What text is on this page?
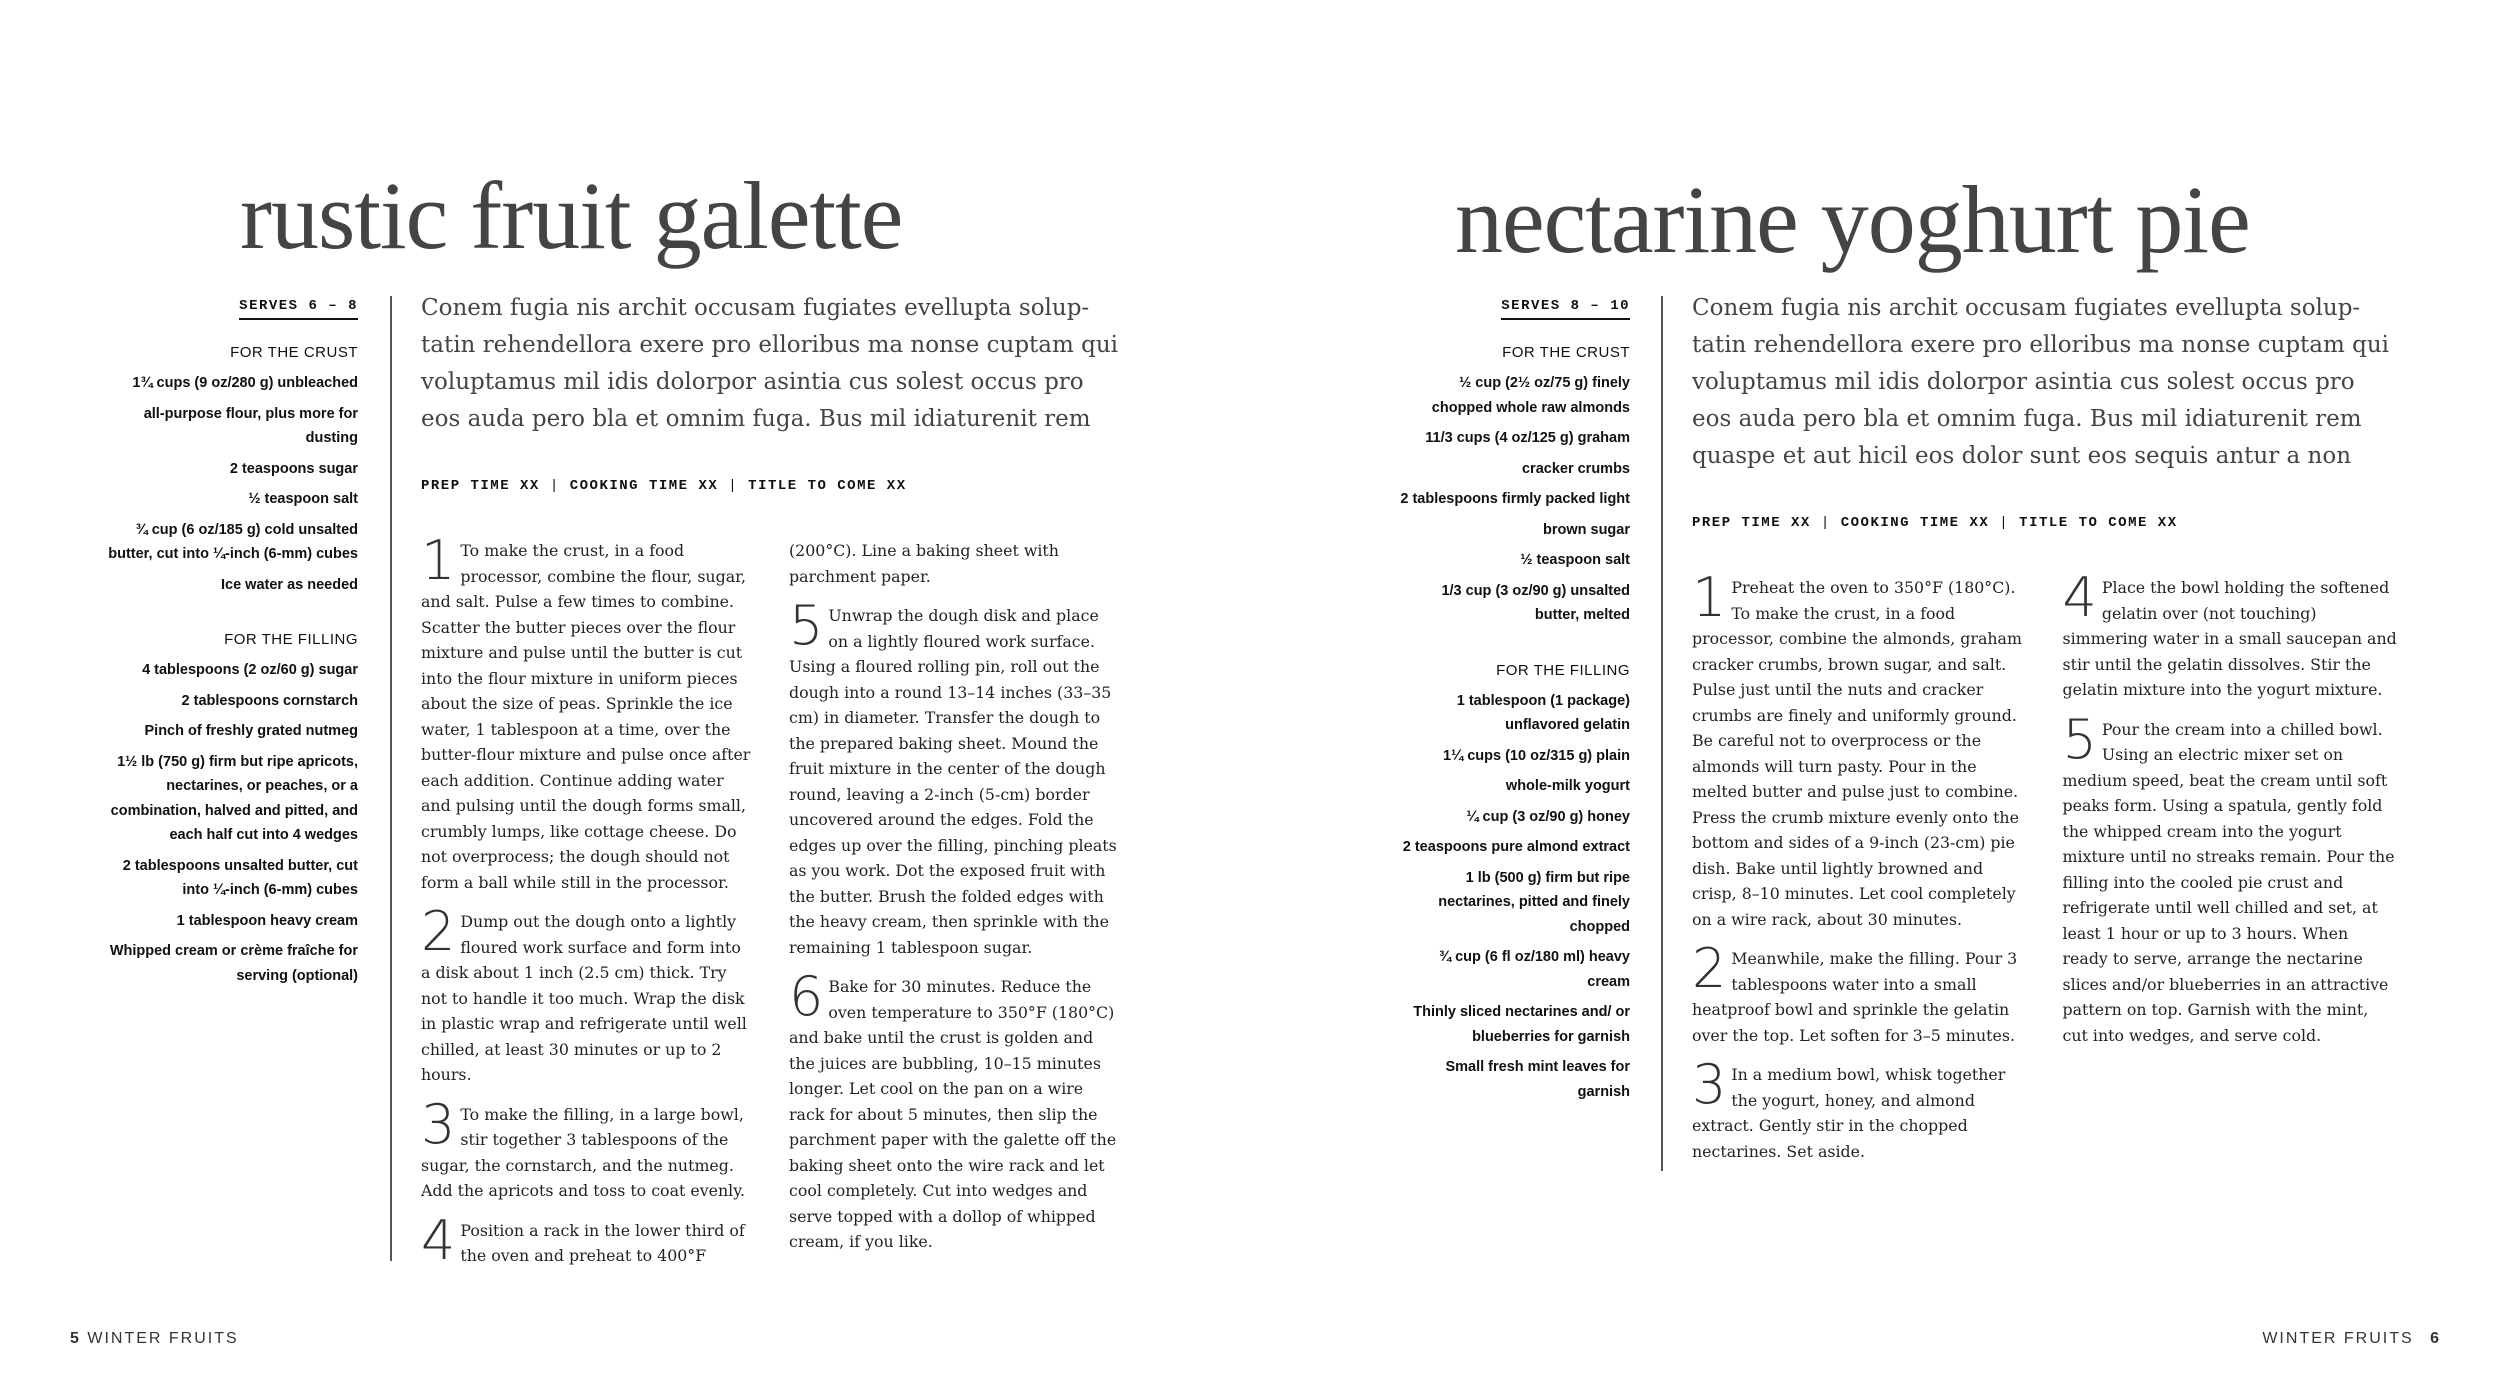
rustic fruit galette
SERVES 6 – 8
FOR THE CRUST
1¾ cups (9 oz/280 g) unbleached
all-purpose flour, plus more for dusting
2 teaspoons sugar
½ teaspoon salt
¾ cup (6 oz/185 g) cold unsalted butter, cut into ¼-inch (6-mm) cubes
Ice water as needed
FOR THE FILLING
4 tablespoons (2 oz/60 g) sugar
2 tablespoons cornstarch
Pinch of freshly grated nutmeg
1½ lb (750 g) firm but ripe apricots, nectarines, or peaches, or a combination, halved and pitted, and each half cut into 4 wedges
2 tablespoons unsalted butter, cut into ¼-inch (6-mm) cubes
1 tablespoon heavy cream
Whipped cream or crème fraîche for serving (optional)

Conem fugia nis archit occusam fugiates evellupta solup-tatin rehendellora exere pro elloribus ma nonse cuptam qui voluptamus mil idis dolorpor asintia cus solest occus pro eos auda pero bla et omnim fuga. Bus mil idiaturenit rem

PREP TIME XX | COOKING TIME XX | TITLE TO COME XX

1 To make the crust, in a food processor, combine the flour, sugar, and salt. Pulse a few times to combine. Scatter the butter pieces over the flour mixture and pulse until the butter is cut into the flour mixture in uniform pieces about the size of peas. Sprinkle the ice water, 1 tablespoon at a time, over the butter-flour mixture and pulse once after each addition. Continue adding water and pulsing until the dough forms small, crumbly lumps, like cottage cheese. Do not overprocess; the dough should not form a ball while still in the processor.

2 Dump out the dough onto a lightly floured work surface and form into a disk about 1 inch (2.5 cm) thick. Try not to handle it too much. Wrap the disk in plastic wrap and refrigerate until well chilled, at least 30 minutes or up to 2 hours.

3 To make the filling, in a large bowl, stir together 3 tablespoons of the sugar, the cornstarch, and the nutmeg. Add the apricots and toss to coat evenly.

4 Position a rack in the lower third of the oven and preheat to 400°F

(200°C). Line a baking sheet with parchment paper.

5 Unwrap the dough disk and place on a lightly floured work surface. Using a floured rolling pin, roll out the dough into a round 13–14 inches (33–35 cm) in diameter. Transfer the dough to the prepared baking sheet. Mound the fruit mixture in the center of the dough round, leaving a 2-inch (5-cm) border uncovered around the edges. Fold the edges up over the filling, pinching pleats as you work. Dot the exposed fruit with the butter. Brush the folded edges with the heavy cream, then sprinkle with the remaining 1 tablespoon sugar.

6 Bake for 30 minutes. Reduce the oven temperature to 350°F (180°C) and bake until the crust is golden and the juices are bubbling, 10–15 minutes longer. Let cool on the pan on a wire rack for about 5 minutes, then slip the parchment paper with the galette off the baking sheet onto the wire rack and let cool completely. Cut into wedges and serve topped with a dollop of whipped cream, if you like.

5 WINTER FRUITS
nectarine yoghurt pie
SERVES 8 – 10
FOR THE CRUST
½ cup (2½ oz/75 g) finely chopped whole raw almonds
11/3 cups (4 oz/125 g) graham
cracker crumbs
2 tablespoons firmly packed light
brown sugar
½ teaspoon salt
1/3 cup (3 oz/90 g) unsalted butter, melted
FOR THE FILLING
1 tablespoon (1 package) unflavored gelatin
1¼ cups (10 oz/315 g) plain
whole-milk yogurt
¼ cup (3 oz/90 g) honey
2 teaspoons pure almond extract
1 lb (500 g) firm but ripe nectarines, pitted and finely chopped
¾ cup (6 fl oz/180 ml) heavy cream
Thinly sliced nectarines and/ or blueberries for garnish
Small fresh mint leaves for garnish

Conem fugia nis archit occusam fugiates evellupta solup-tatin rehendellora exere pro elloribus ma nonse cuptam qui voluptamus mil idis dolorpor asintia cus solest occus pro eos auda pero bla et omnim fuga. Bus mil idiaturenit rem quaspe et aut hicil eos dolor sunt eos sequis antur a non

PREP TIME XX | COOKING TIME XX | TITLE TO COME XX

1 Preheat the oven to 350°F (180°C). To make the crust, in a food processor, combine the almonds, graham cracker crumbs, brown sugar, and salt. Pulse just until the nuts and cracker crumbs are finely and uniformly ground. Be careful not to overprocess or the almonds will turn pasty. Pour in the melted butter and pulse just to combine. Press the crumb mixture evenly onto the bottom and sides of a 9-inch (23-cm) pie dish. Bake until lightly browned and crisp, 8–10 minutes. Let cool completely on a wire rack, about 30 minutes.

2 Meanwhile, make the filling. Pour 3 tablespoons water into a small heatproof bowl and sprinkle the gelatin over the top. Let soften for 3–5 minutes.

3 In a medium bowl, whisk together the yogurt, honey, and almond extract. Gently stir in the chopped nectarines. Set aside.

4 Place the bowl holding the softened gelatin over (not touching) simmering water in a small saucepan and stir until the gelatin dissolves. Stir the gelatin mixture into the yogurt mixture.

5 Pour the cream into a chilled bowl. Using an electric mixer set on medium speed, beat the cream until soft peaks form. Using a spatula, gently fold the whipped cream into the yogurt mixture until no streaks remain. Pour the filling into the cooled pie crust and refrigerate until well chilled and set, at least 1 hour or up to 3 hours. When ready to serve, arrange the nectarine slices and/or blueberries in an attractive pattern on top. Garnish with the mint, cut into wedges, and serve cold.

WINTER FRUITS 6
